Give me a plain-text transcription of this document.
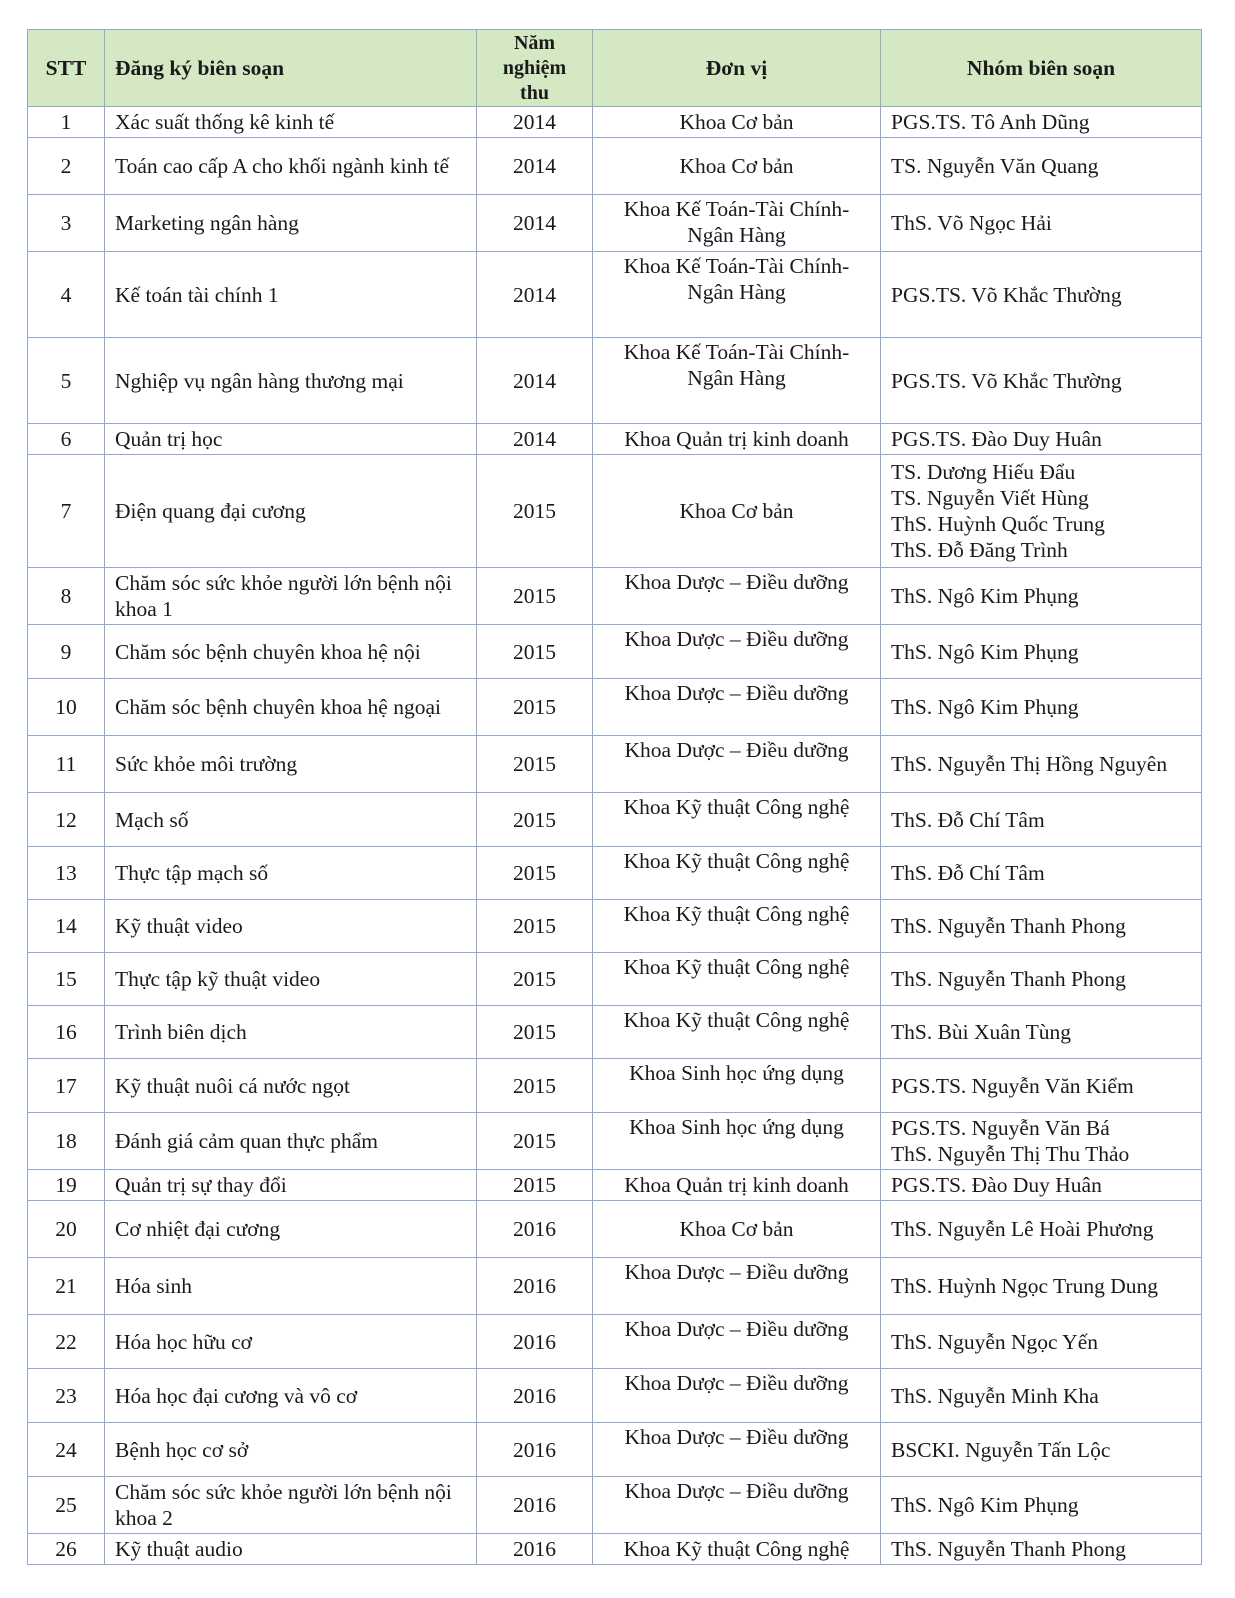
STT	Đăng ký biên soạn	Năm
nghiệm
thu	Đơn vị	Nhóm biên soạn
1	Xác suất thống kê kinh tế	2014	Khoa Cơ bản	PGS.TS. Tô Anh Dũng

2	Toán cao cấp A cho khối ngành kinh tế	2014	Khoa Cơ bản	TS. Nguyễn Văn Quang

3	Marketing ngân hàng	2014	Khoa Kế Toán-Tài Chính-Ngân Hàng	ThS. Võ Ngọc Hải

4	Kế toán tài chính 1	2014	Khoa Kế Toán-Tài Chính-Ngân Hàng	PGS.TS. Võ Khắc Thường

5	Nghiệp vụ ngân hàng thương mại	2014	Khoa Kế Toán-Tài Chính-Ngân Hàng	PGS.TS. Võ Khắc Thường

6	Quản trị học	2014	Khoa Quản trị kinh doanh	PGS.TS. Đào Duy Huân

7	Điện quang đại cương	2015	Khoa Cơ bản	TS. Dương Hiếu Đẩu
TS. Nguyễn Viết Hùng
ThS. Huỳnh Quốc Trung
ThS. Đỗ Đăng Trình

8	Chăm sóc sức khỏe người lớn bệnh nội khoa 1	2015	Khoa Dược – Điều dưỡng	ThS. Ngô Kim Phụng

9	Chăm sóc bệnh chuyên khoa hệ nội	2015	Khoa Dược – Điều dưỡng	ThS. Ngô Kim Phụng

10	Chăm sóc bệnh chuyên khoa hệ ngoại	2015	Khoa Dược – Điều dưỡng	ThS. Ngô Kim Phụng

11	Sức khỏe môi trường	2015	Khoa Dược – Điều dưỡng	ThS. Nguyễn Thị Hồng Nguyên

12	Mạch số	2015	Khoa Kỹ thuật Công nghệ	ThS. Đỗ Chí Tâm

13	Thực tập mạch số	2015	Khoa Kỹ thuật Công nghệ	ThS. Đỗ Chí Tâm

14	Kỹ thuật video	2015	Khoa Kỹ thuật Công nghệ	ThS. Nguyễn Thanh Phong

15	Thực tập kỹ thuật video	2015	Khoa Kỹ thuật Công nghệ	ThS. Nguyễn Thanh Phong

16	Trình biên dịch	2015	Khoa Kỹ thuật Công nghệ	ThS. Bùi Xuân Tùng

17	Kỹ thuật nuôi cá nước ngọt	2015	Khoa Sinh học ứng dụng	PGS.TS. Nguyễn Văn Kiểm

18	Đánh giá cảm quan thực phẩm	2015	Khoa Sinh học ứng dụng	PGS.TS. Nguyễn Văn Bá
ThS. Nguyễn Thị Thu Thảo

19	Quản trị sự thay đổi	2015	Khoa Quản trị kinh doanh	PGS.TS. Đào Duy Huân

20	Cơ nhiệt đại cương	2016	Khoa Cơ bản	ThS. Nguyễn Lê Hoài Phương

21	Hóa sinh	2016	Khoa Dược – Điều dưỡng	ThS. Huỳnh Ngọc Trung Dung

22	Hóa học hữu cơ	2016	Khoa Dược – Điều dưỡng	ThS. Nguyễn Ngọc Yến

23	Hóa học đại cương và vô cơ	2016	Khoa Dược – Điều dưỡng	ThS. Nguyễn Minh Kha

24	Bệnh học cơ sở	2016	Khoa Dược – Điều dưỡng	BSCKI. Nguyễn Tấn Lộc

25	Chăm sóc sức khỏe người lớn bệnh nội khoa 2	2016	Khoa Dược – Điều dưỡng	ThS. Ngô Kim Phụng

26	Kỹ thuật audio	2016	Khoa Kỹ thuật Công nghệ	ThS. Nguyễn Thanh Phong
